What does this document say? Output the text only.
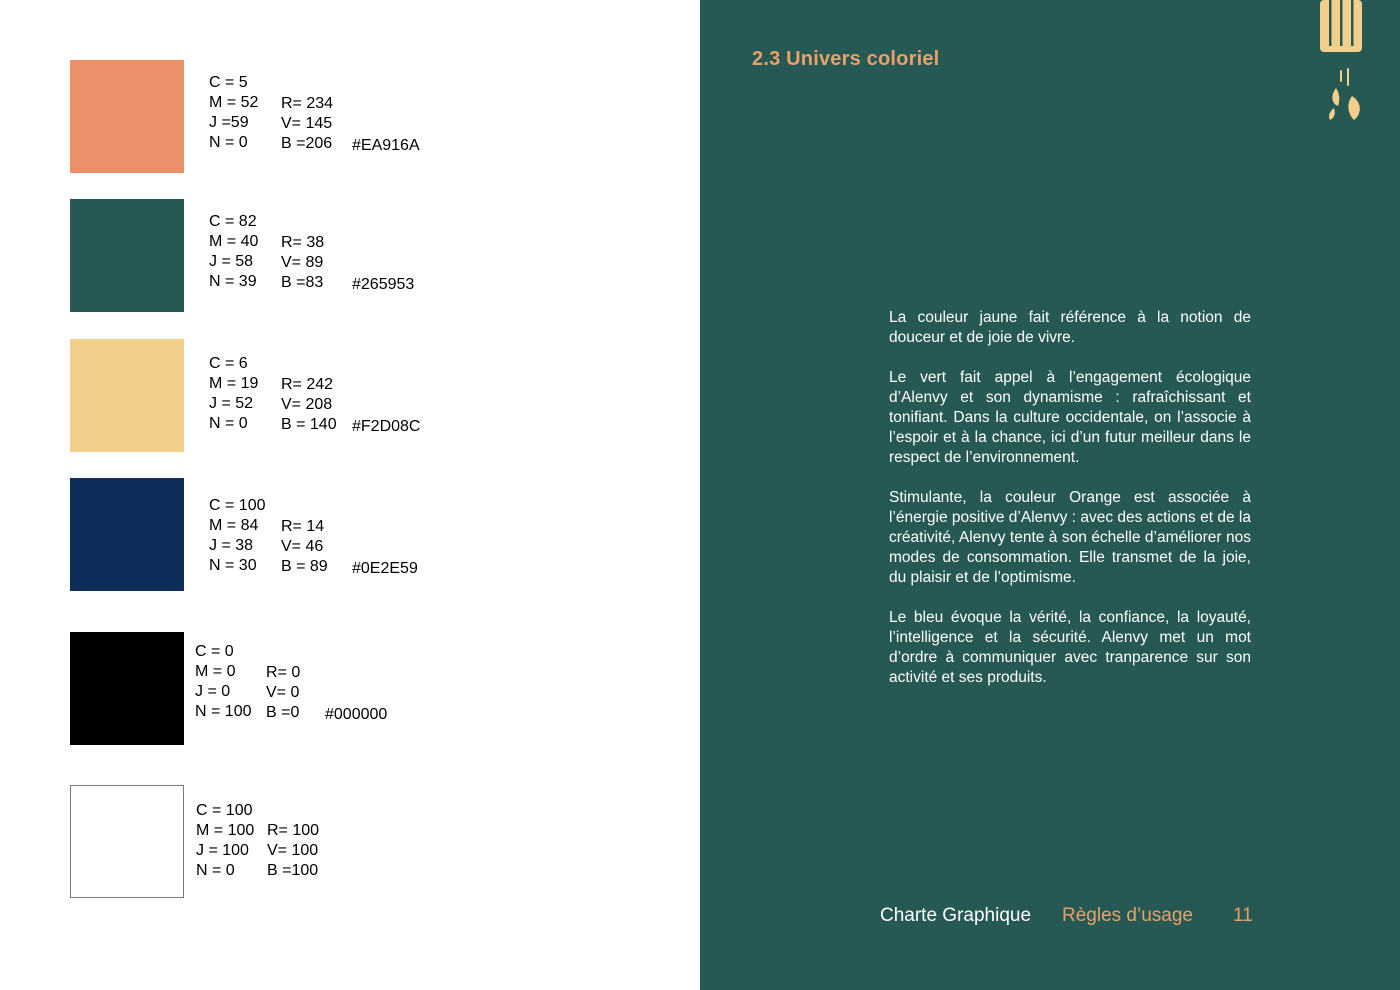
C = 5
M = 52
J =59
N = 0
R= 234
V= 145
B =206 #EA916A
C = 82
M = 40
J = 58
N = 39
R= 38
V= 89
B =83 #265953
C = 6
M = 19
J = 52
N = 0
R= 242
V= 208
B = 140 #F2D08C
C = 100
M = 84
J = 38
N = 30
R= 14
V= 46
B = 89 #0E2E59
C = 0
M = 0
J = 0
N = 100
R= 0
V= 0
B =0 #000000
C = 100
M = 100
J = 100
N = 0
R= 100
V= 100
B =100
2.3 Univers coloriel

La couleur jaune fait référence à la notion de douceur et de joie de vivre.

Le vert fait appel à l’engagement écologique d’Alenvy et son dynamisme : rafraîchissant et tonifiant. Dans la culture occidentale, on l’associe à l’espoir et à la chance, ici d’un futur meilleur dans le respect de l’environnement.

Stimulante, la couleur Orange est associée à l’énergie positive d’Alenvy : avec des actions et de la créativité, Alenvy tente à son échelle d’améliorer nos modes de consommation. Elle transmet de la joie, du plaisir et de l’optimisme.

Le bleu évoque la vérité, la confiance, la loyauté, l’intelligence et la sécurité. Alenvy met un mot d’ordre à communiquer avec tranparence sur son activité et ses produits.

Charte Graphique Règles d’usage 11
